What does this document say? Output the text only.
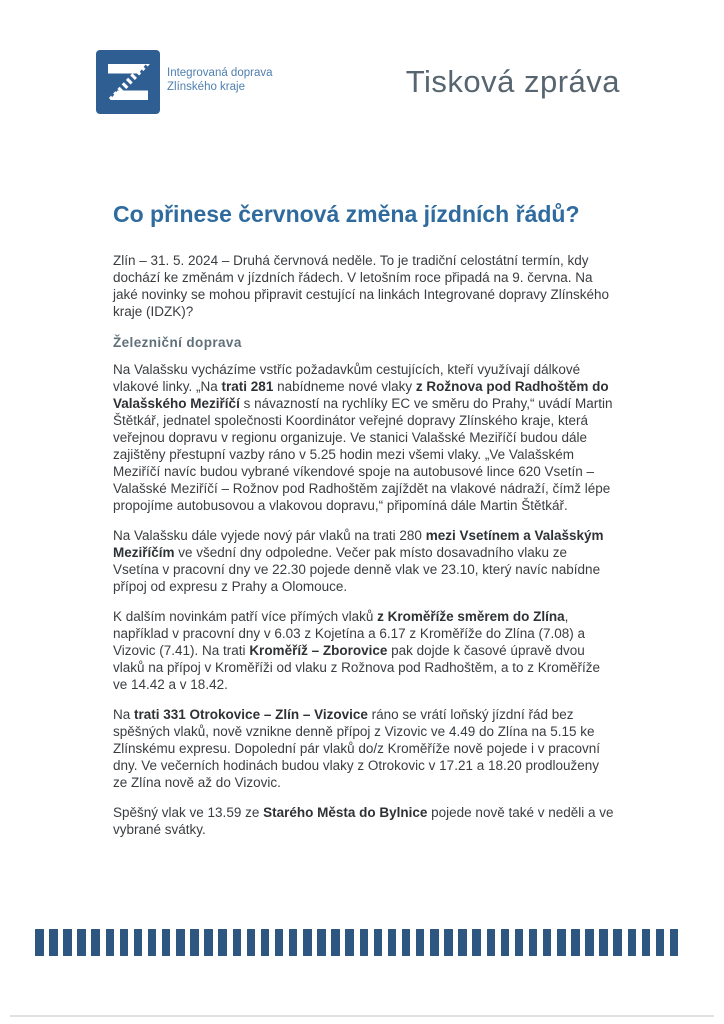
Integrovaná doprava
Zlínského kraje	Tisková zpráva
Co přinese červnová změna jízdních řádů?

Zlín – 31. 5. 2024 – Druhá červnová neděle. To je tradiční celostátní termín, kdy dochází ke změnám v jízdních řádech. V letošním roce připadá na 9. června. Na jaké novinky se mohou připravit cestující na linkách Integrované dopravy Zlínského kraje (IDZK)?

Železniční doprava

Na Valašsku vycházíme vstříc požadavkům cestujících, kteří využívají dálkové vlakové linky. „Na trati 281 nabídneme nové vlaky z Rožnova pod Radhoštěm do Valašského Meziříčí s návazností na rychlíky EC ve směru do Prahy,“ uvádí Martin Štětkář, jednatel společnosti Koordinátor veřejné dopravy Zlínského kraje, která veřejnou dopravu v regionu organizuje. Ve stanici Valašské Meziříčí budou dále zajištěny přestupní vazby ráno v 5.25 hodin mezi všemi vlaky. „Ve Valašském Meziříčí navíc budou vybrané víkendové spoje na autobusové lince 620 Vsetín – Valašské Meziříčí – Rožnov pod Radhoštěm zajíždět na vlakové nádraží, čímž lépe propojíme autobusovou a vlakovou dopravu,“ připomíná dále Martin Štětkář.

Na Valašsku dále vyjede nový pár vlaků na trati 280 mezi Vsetínem a Valašským Meziříčím ve všední dny odpoledne. Večer pak místo dosavadního vlaku ze Vsetína v pracovní dny ve 22.30 pojede denně vlak ve 23.10, který navíc nabídne přípoj od expresu z Prahy a Olomouce.

K dalším novinkám patří více přímých vlaků z Kroměříže směrem do Zlína, například v pracovní dny v 6.03 z Kojetína a 6.17 z Kroměříže do Zlína (7.08) a Vizovic (7.41). Na trati Kroměříž – Zborovice pak dojde k časové úpravě dvou vlaků na přípoj v Kroměříži od vlaku z Rožnova pod Radhoštěm, a to z Kroměříže ve 14.42 a v 18.42.

Na trati 331 Otrokovice – Zlín – Vizovice ráno se vrátí loňský jízdní řád bez spěšných vlaků, nově vznikne denně přípoj z Vizovic ve 4.49 do Zlína na 5.15 ke Zlínskému expresu. Dopolední pár vlaků do/z Kroměříže nově pojede i v pracovní dny. Ve večerních hodinách budou vlaky z Otrokovic v 17.21 a 18.20 prodlouženy ze Zlína nově až do Vizovic.

Spěšný vlak ve 13.59 ze Starého Města do Bylnice pojede nově také v neděli a ve vybrané svátky.
